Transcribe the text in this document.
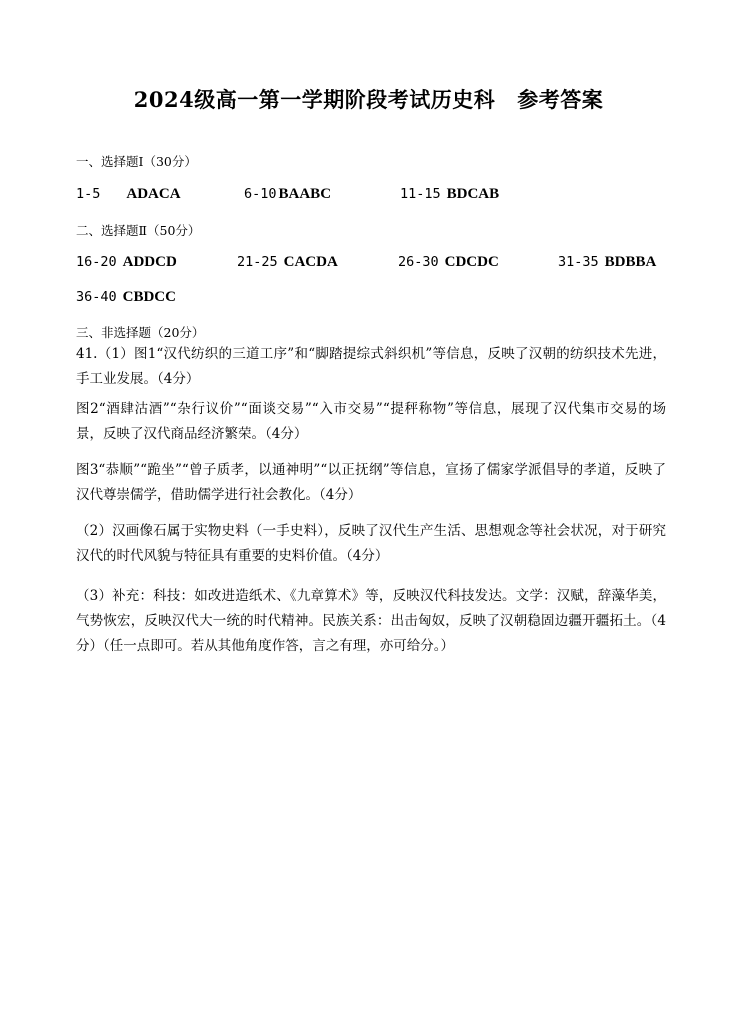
2024级高一第一学期阶段考试历史科 参考答案
一、选择题Ⅰ（30分）
1-5 ADACA	6-10 BAABC	11-15 BDCAB
二、选择题Ⅱ（50分）
16-20 ADDCD	21-25 CACDA	26-30 CDCDC	31-35 BDBBA
36-40 CBDCC
三、非选择题（20分）
41.（1）图1“汉代纺织的三道工序”和“脚踏提综式斜织机”等信息，反映了汉朝的纺织技术先进，手工业发展。（4分）
图2“酒肆沽酒”“杂行议价”“面谈交易”“入市交易”“提秤称物”等信息，展现了汉代集市交易的场景，反映了汉代商品经济繁荣。（4分）
图3“恭顺”“跪坐”“曾子质孝，以通神明”“以正抚纲”等信息，宣扬了儒家学派倡导的孝道，反映了汉代尊崇儒学，借助儒学进行社会教化。（4分）
（2）汉画像石属于实物史料（一手史料），反映了汉代生产生活、思想观念等社会状况，对于研究汉代的时代风貌与特征具有重要的史料价值。（4分）
（3）补充：科技：如改进造纸术、《九章算术》等，反映汉代科技发达。文学：汉赋，辞藻华美，气势恢宏，反映汉代大一统的时代精神。民族关系：出击匈奴，反映了汉朝稳固边疆开疆拓土。（4分）（任一点即可。若从其他角度作答，言之有理，亦可给分。）
